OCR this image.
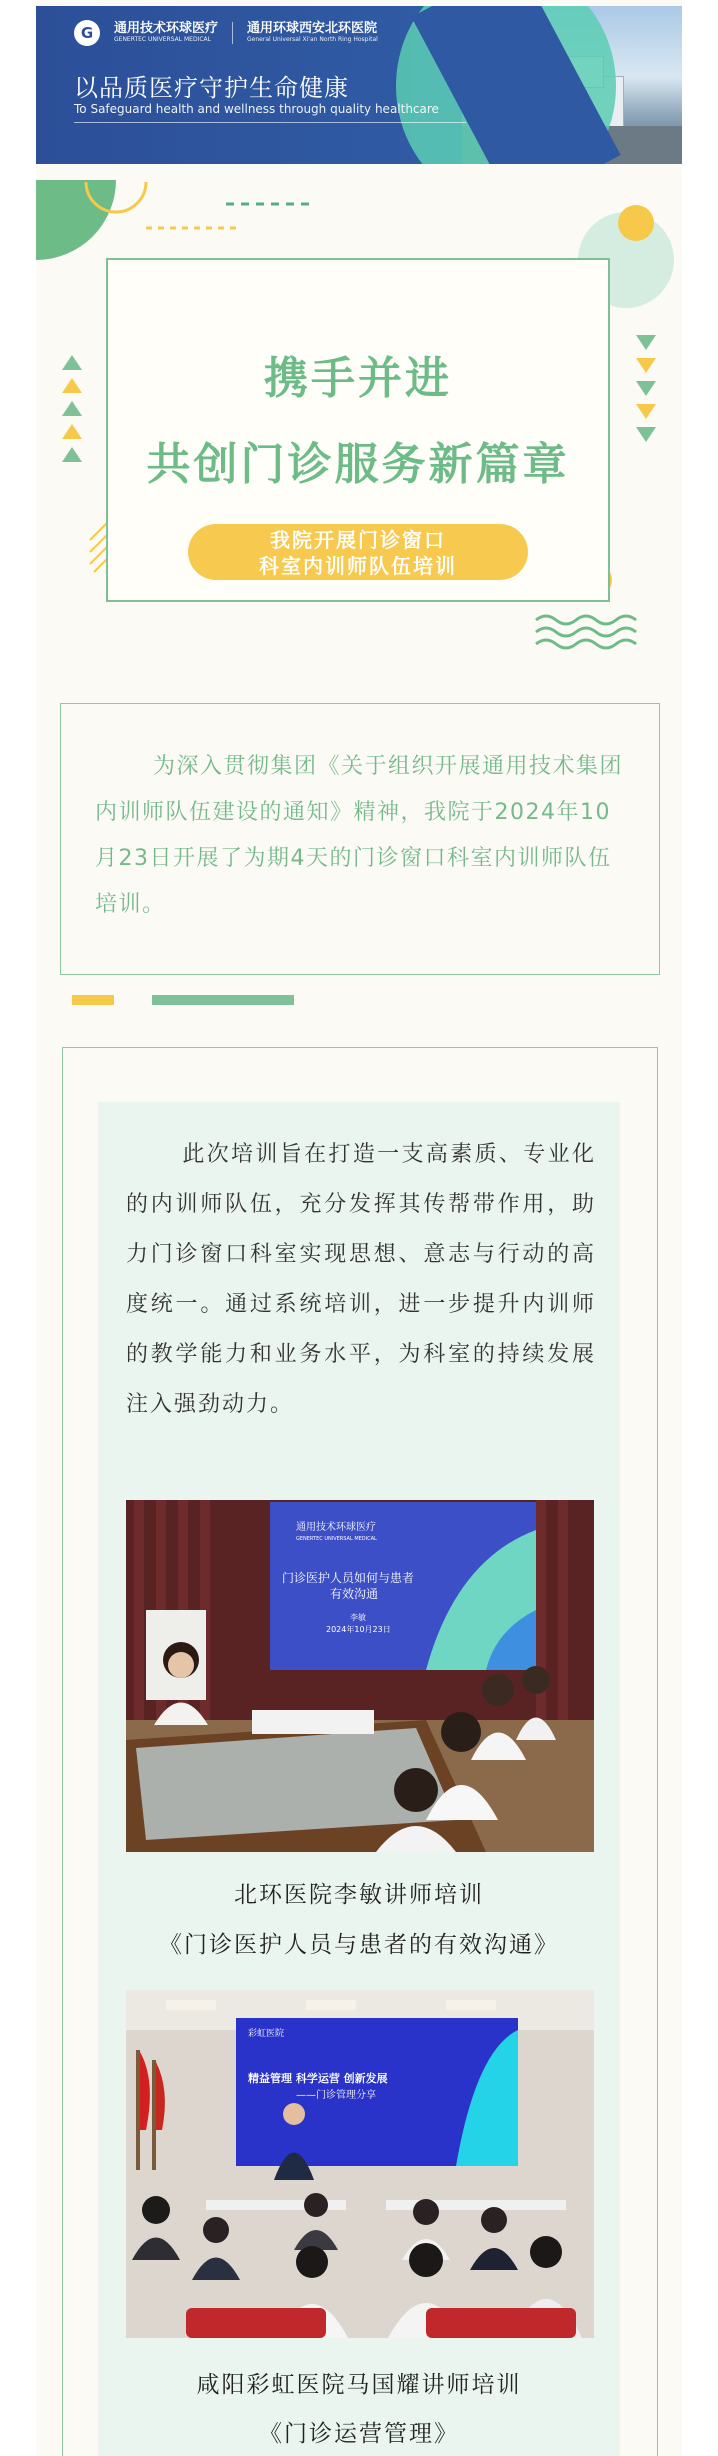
G	通用技术环球医疗
GENERTEC UNIVERSAL MEDICAL
通用环球西安北环医院
General Universal Xi'an North Ring Hospital
以品质医疗守护生命健康
To Safeguard health and wellness through quality healthcare
携手并进
共创门诊服务新篇章
我院开展门诊窗口
科室内训师队伍培训
为深入贯彻集团《关于组织开展通用技术集团内训师队伍建设的通知》精神，我院于2024年10月23日开展了为期4天的门诊窗口科室内训师队伍培训。
此次培训旨在打造一支高素质、专业化的内训师队伍，充分发挥其传帮带作用，助力门诊窗口科室实现思想、意志与行动的高度统一。通过系统培训，进一步提升内训师的教学能力和业务水平，为科室的持续发展注入强劲动力。
通用技术环球医疗
GENERTEC UNIVERSAL MEDICAL
门诊医护人员如何与患者
有效沟通
李敏
2024年10月23日
北环医院李敏讲师培训
《门诊医护人员与患者的有效沟通》
彩虹医院
精益管理 科学运营 创新发展
——门诊管理分享
咸阳彩虹医院马国耀讲师培训
《门诊运营管理》
